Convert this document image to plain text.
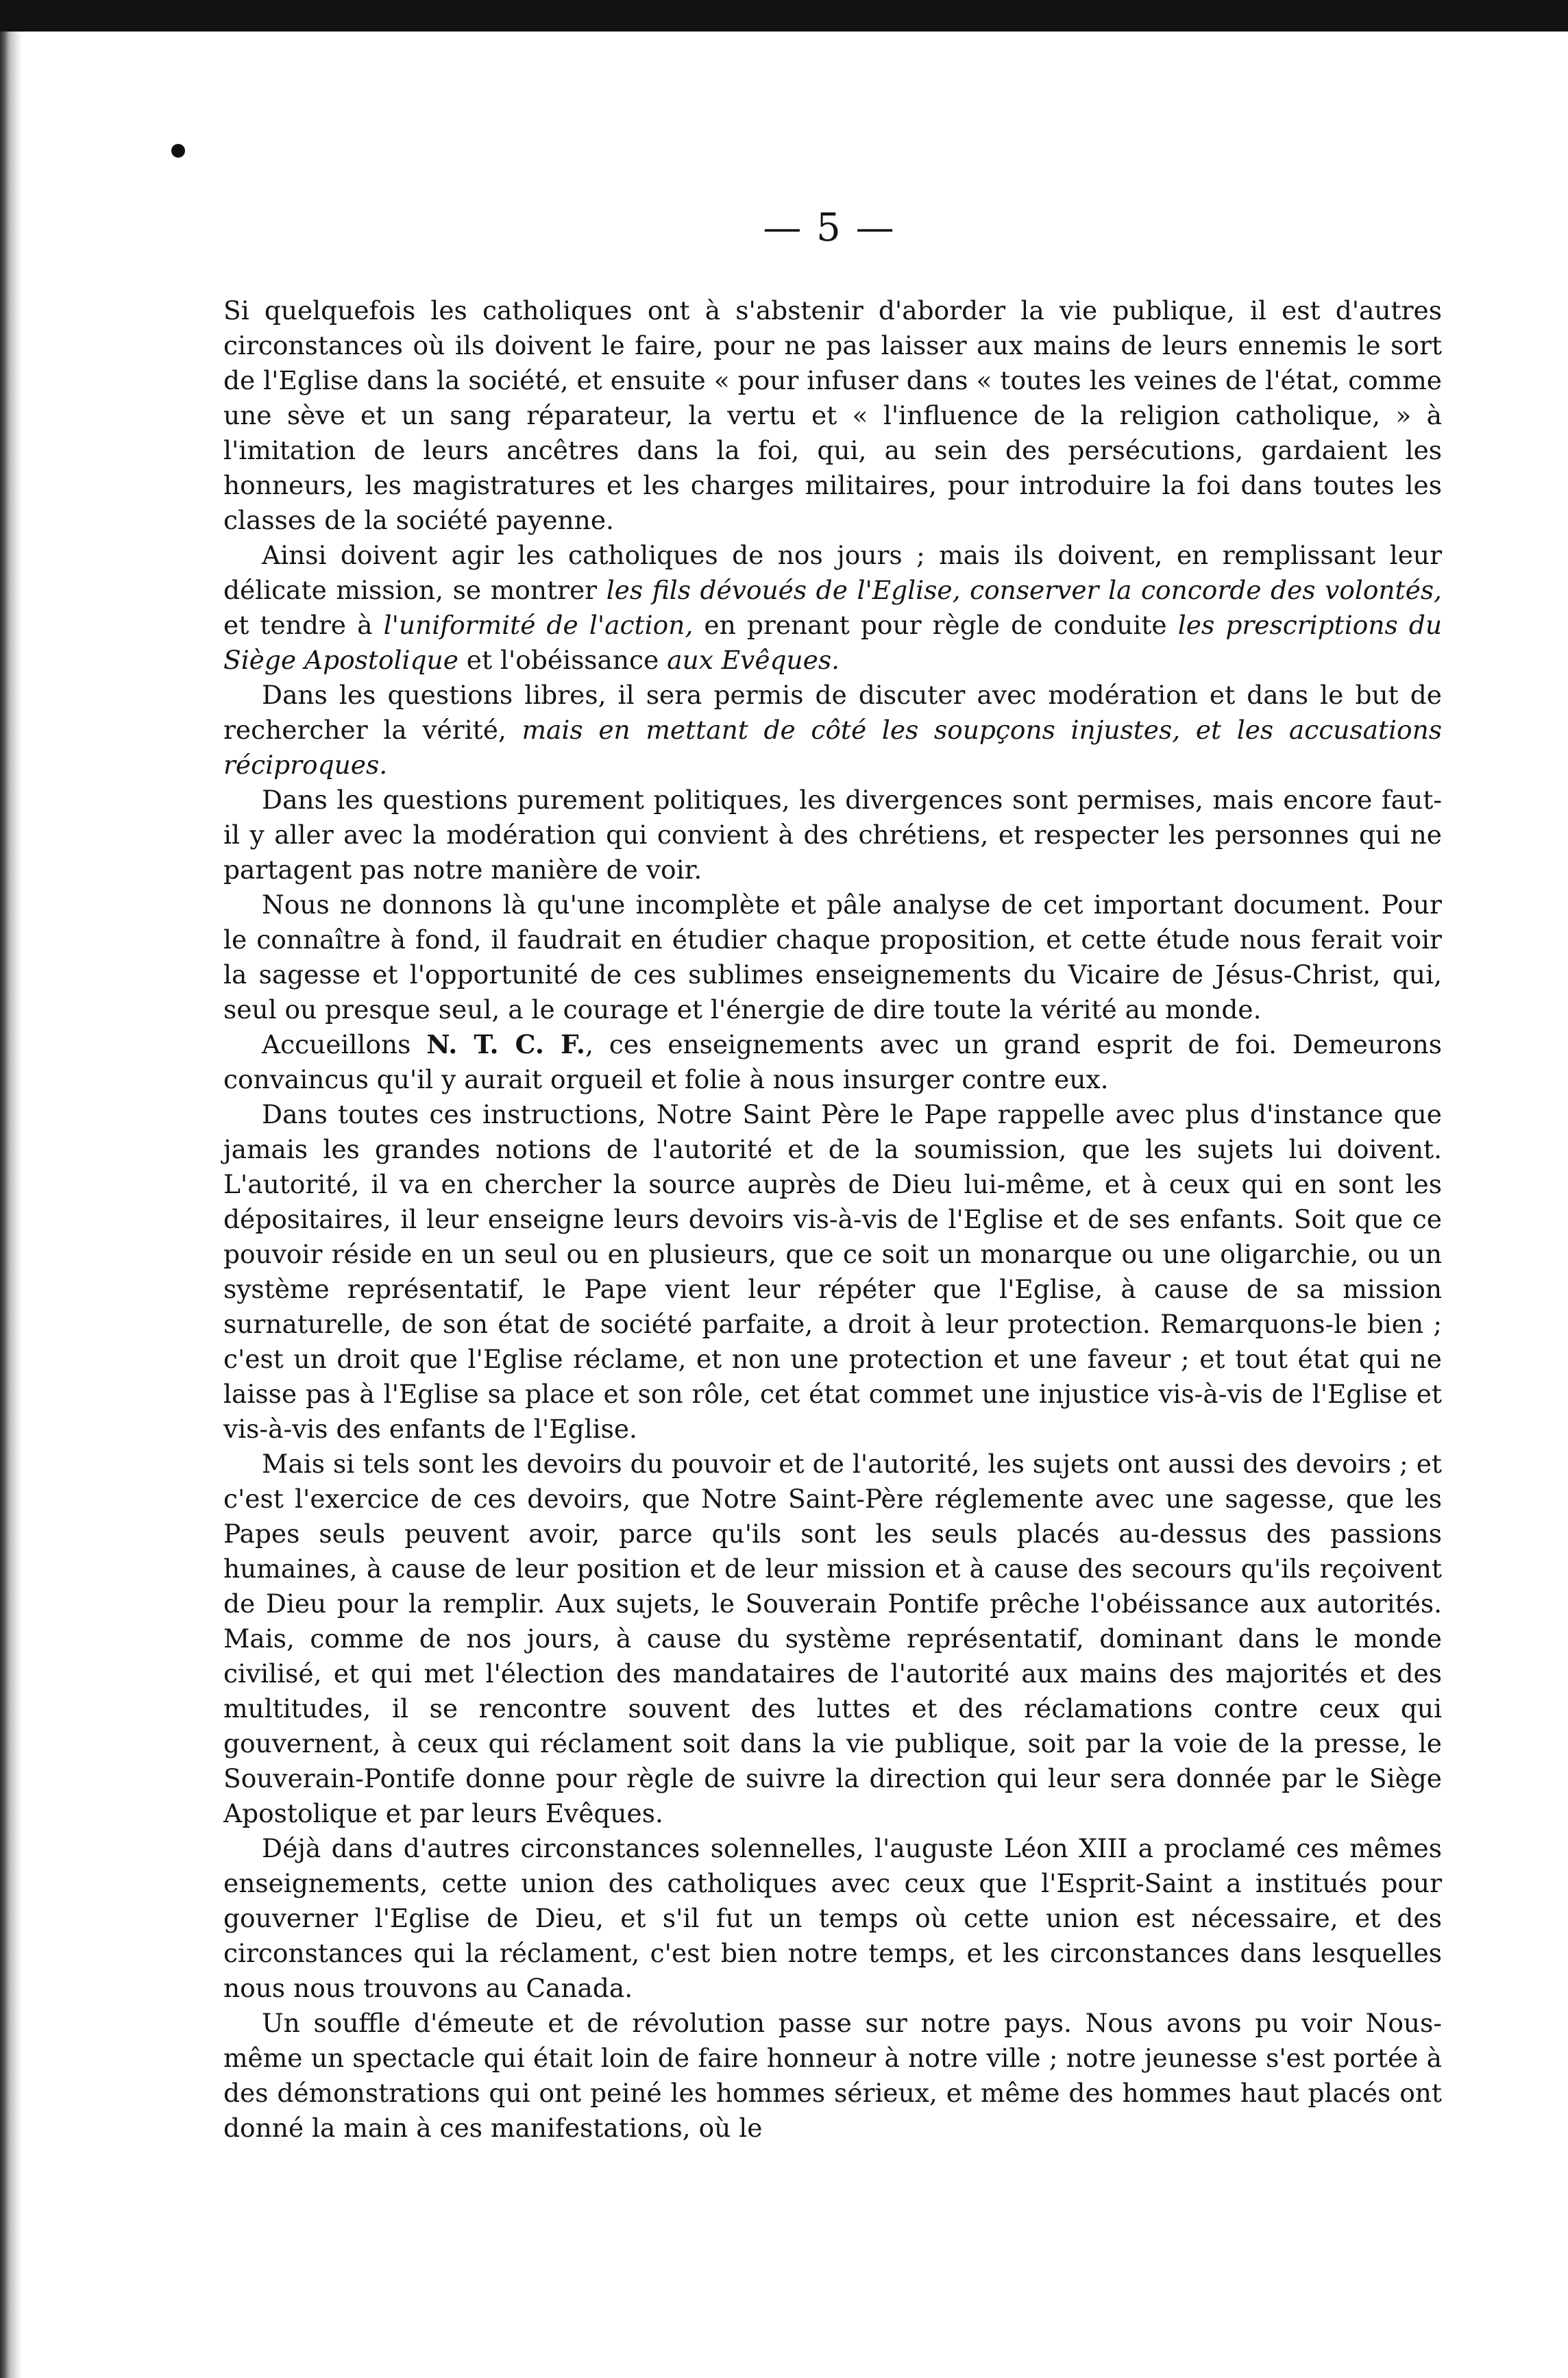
— 5 —

Si quelquefois les catholiques ont à s'abstenir d'aborder la vie publique, il est d'autres circonstances où ils doivent le faire, pour ne pas laisser aux mains de leurs ennemis le sort de l'Eglise dans la société, et ensuite « pour infuser dans « toutes les veines de l'état, comme une sève et un sang réparateur, la vertu et « l'influence de la religion catholique, » à l'imitation de leurs ancêtres dans la foi, qui, au sein des persécutions, gardaient les honneurs, les magistratures et les charges militaires, pour introduire la foi dans toutes les classes de la société payenne.

Ainsi doivent agir les catholiques de nos jours ; mais ils doivent, en remplissant leur délicate mission, se montrer les fils dévoués de l'Eglise, conserver la concorde des volontés, et tendre à l'uniformité de l'action, en prenant pour règle de conduite les prescriptions du Siège Apostolique et l'obéissance aux Evêques.

Dans les questions libres, il sera permis de discuter avec modération et dans le but de rechercher la vérité, mais en mettant de côté les soupçons injustes, et les accusations réciproques.

Dans les questions purement politiques, les divergences sont permises, mais encore faut-il y aller avec la modération qui convient à des chrétiens, et respecter les personnes qui ne partagent pas notre manière de voir.

Nous ne donnons là qu'une incomplète et pâle analyse de cet important document. Pour le connaître à fond, il faudrait en étudier chaque proposition, et cette étude nous ferait voir la sagesse et l'opportunité de ces sublimes enseignements du Vicaire de Jésus-Christ, qui, seul ou presque seul, a le courage et l'énergie de dire toute la vérité au monde.

Accueillons N. T. C. F., ces enseignements avec un grand esprit de foi. Demeurons convaincus qu'il y aurait orgueil et folie à nous insurger contre eux.

Dans toutes ces instructions, Notre Saint Père le Pape rappelle avec plus d'instance que jamais les grandes notions de l'autorité et de la soumission, que les sujets lui doivent. L'autorité, il va en chercher la source auprès de Dieu lui-même, et à ceux qui en sont les dépositaires, il leur enseigne leurs devoirs vis-à-vis de l'Eglise et de ses enfants. Soit que ce pouvoir réside en un seul ou en plusieurs, que ce soit un monarque ou une oligarchie, ou un système représentatif, le Pape vient leur répéter que l'Eglise, à cause de sa mission surnaturelle, de son état de société parfaite, a droit à leur protection. Remarquons-le bien ; c'est un droit que l'Eglise réclame, et non une protection et une faveur ; et tout état qui ne laisse pas à l'Eglise sa place et son rôle, cet état commet une injustice vis-à-vis de l'Eglise et vis-à-vis des enfants de l'Eglise.

Mais si tels sont les devoirs du pouvoir et de l'autorité, les sujets ont aussi des devoirs ; et c'est l'exercice de ces devoirs, que Notre Saint-Père réglemente avec une sagesse, que les Papes seuls peuvent avoir, parce qu'ils sont les seuls placés au-dessus des passions humaines, à cause de leur position et de leur mission et à cause des secours qu'ils reçoivent de Dieu pour la remplir. Aux sujets, le Souverain Pontife prêche l'obéissance aux autorités. Mais, comme de nos jours, à cause du système représentatif, dominant dans le monde civilisé, et qui met l'élection des mandataires de l'autorité aux mains des majorités et des multitudes, il se rencontre souvent des luttes et des réclamations contre ceux qui gouvernent, à ceux qui réclament soit dans la vie publique, soit par la voie de la presse, le Souverain-Pontife donne pour règle de suivre la direction qui leur sera donnée par le Siège Apostolique et par leurs Evêques.

Déjà dans d'autres circonstances solennelles, l'auguste Léon XIII a proclamé ces mêmes enseignements, cette union des catholiques avec ceux que l'Esprit-Saint a institués pour gouverner l'Eglise de Dieu, et s'il fut un temps où cette union est nécessaire, et des circonstances qui la réclament, c'est bien notre temps, et les circonstances dans lesquelles nous nous trouvons au Canada.

Un souffle d'émeute et de révolution passe sur notre pays. Nous avons pu voir Nous-même un spectacle qui était loin de faire honneur à notre ville ; notre jeunesse s'est portée à des démonstrations qui ont peiné les hommes sérieux, et même des hommes haut placés ont donné la main à ces manifestations, où le
